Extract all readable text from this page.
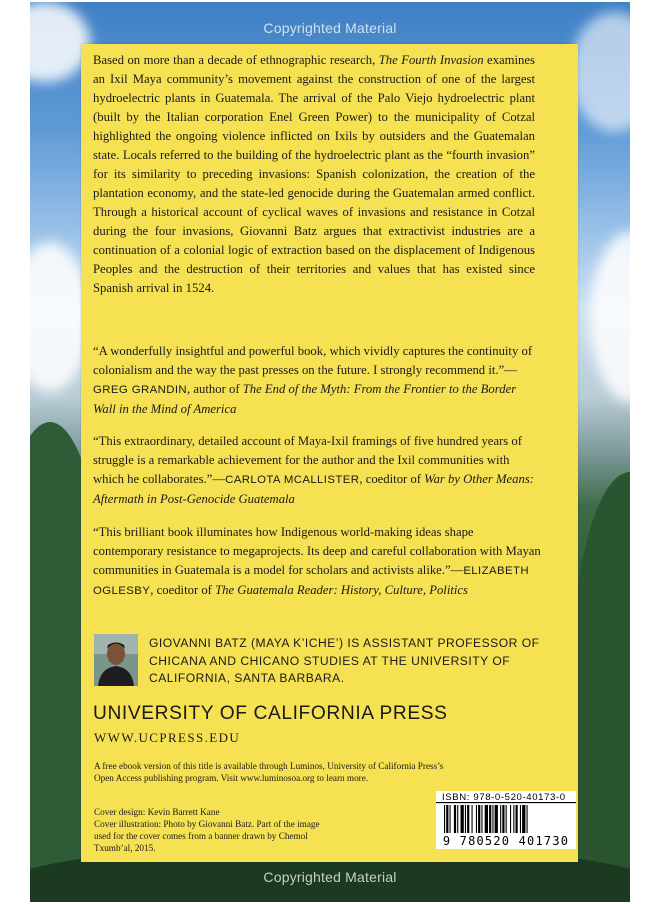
Copyrighted Material
Copyrighted Material
Based on more than a decade of ethnographic research, The Fourth Invasion examines an Ixil Maya community’s movement against the construction of one of the largest hydroelectric plants in Guatemala. The arrival of the Palo Viejo hydroelectric plant (built by the Italian corporation Enel Green Power) to the municipality of Cotzal highlighted the ongoing violence inflicted on Ixils by outsiders and the Guatemalan state. Locals referred to the building of the hydroelectric plant as the “fourth invasion” for its similarity to preceding invasions: Spanish colonization, the creation of the plantation economy, and the state-led genocide during the Guatemalan armed conflict. Through a historical account of cyclical waves of invasions and resistance in Cotzal during the four invasions, Giovanni Batz argues that extractivist industries are a continuation of a colonial logic of extraction based on the displacement of Indigenous Peoples and the destruction of their territories and values that has existed since Spanish arrival in 1524.
“A wonderfully insightful and powerful book, which vividly captures the continuity of colonialism and the way the past presses on the future. I strongly recommend it.”—GREG GRANDIN, author of The End of the Myth: From the Frontier to the Border Wall in the Mind of America
“This extraordinary, detailed account of Maya-Ixil framings of five hundred years of struggle is a remarkable achievement for the author and the Ixil communities with which he collaborates.”—CARLOTA MCALLISTER, coeditor of War by Other Means: Aftermath in Post-Genocide Guatemala
“This brilliant book illuminates how Indigenous world-making ideas shape contemporary resistance to megaprojects. Its deep and careful collaboration with Mayan communities in Guatemala is a model for scholars and activists alike.”—ELIZABETH OGLESBY, coeditor of The Guatemala Reader: History, Culture, Politics
GIOVANNI BATZ (MAYA K’ICHE’) IS ASSISTANT PROFESSOR OF CHICANA AND CHICANO STUDIES AT THE UNIVERSITY OF CALIFORNIA, SANTA BARBARA.
UNIVERSITY OF CALIFORNIA PRESS
WWW.UCPRESS.EDU
A free ebook version of this title is available through Luminos, University of California Press’s Open Access publishing program. Visit www.luminosoa.org to learn more.
Cover design: Kevin Barrett Kane
Cover illustration: Photo by Giovanni Batz. Part of the image used for the cover comes from a banner drawn by Chemol Txumb’al, 2015.
ISBN: 978-0-520-40173-0
9 780520 401730
